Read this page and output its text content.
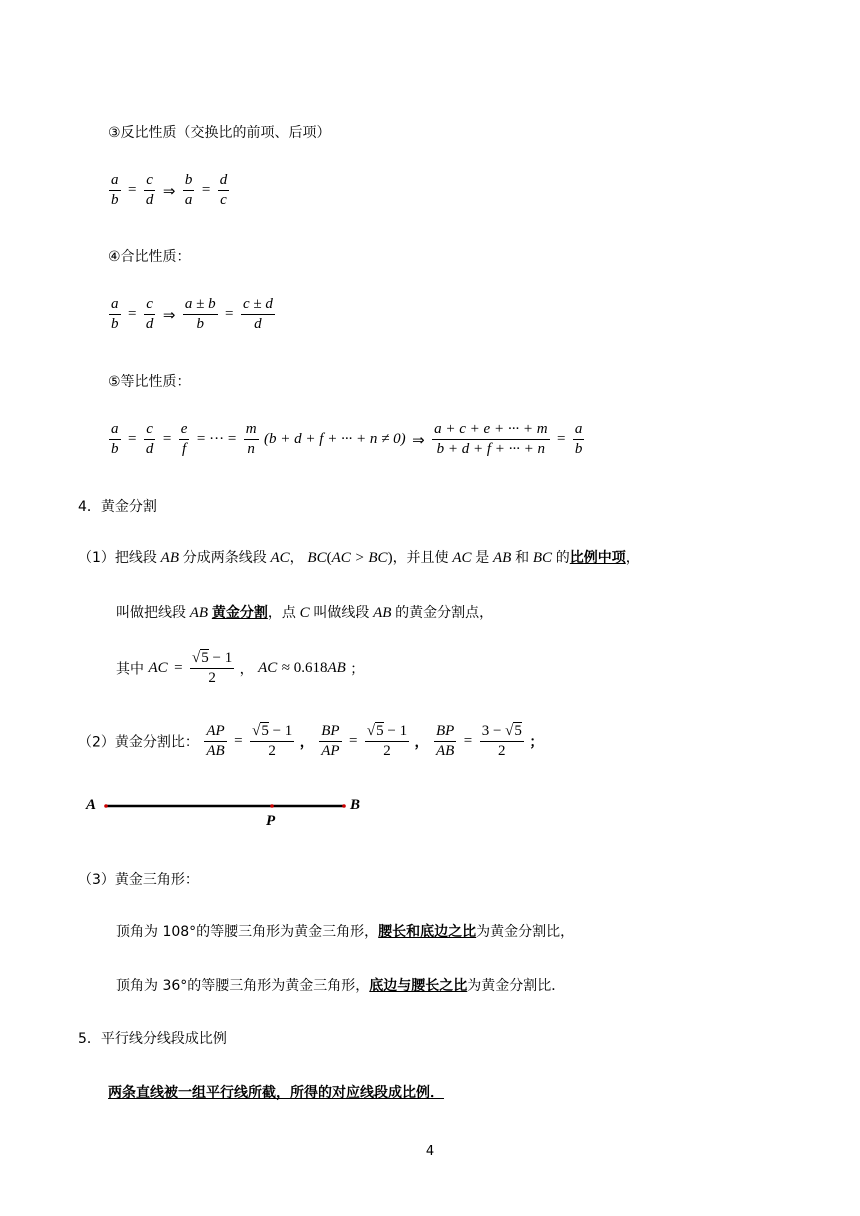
③反比性质（交换比的前项、后项）
$\frac{a}{b} = \frac{c}{d}$ ⇒ $\frac{b}{a} = \frac{d}{c}$
④合比性质：
$\frac{a}{b} = \frac{c}{d}$ ⇒ $\frac{a \pm b}{b} = \frac{c \pm d}{d}$
⑤等比性质：
$\frac{a}{b} = \frac{c}{d} = \frac{e}{f}$ = ··· = $\frac{m}{n} (b + d + f$ + ··· + n ≠ 0) ⇒ $\frac{a + c + e + \cdot\cdot\cdot + m}{b + d + f + \cdot\cdot\cdot + n} = \frac{a}{b}$
4．黄金分割
（1）把线段 AB 分成两条线段 AC， BC(AC > BC)，并且使 AC 是 AB 和 BC 的比例中项，
叫做把线段 AB 黄金分割，点 C 叫做线段 AB 的黄金分割点，
其中 AC = $\frac{√5 - 1}{2}$ ， AC ≈ 0.618AB ；
（2）黄金分割比： $\frac{AP}{AB} = \frac{√5 - 1}{2}$ ， $\frac{BP}{AP} = \frac{√5 - 1}{2}$ ， $\frac{BP}{AB} = \frac{3 - √5}{2}$ ；
A
P
B
（3）黄金三角形：
顶角为 108°的等腰三角形为黄金三角形，腰长和底边之比为黄金分割比，
顶角为 36°的等腰三角形为黄金三角形，底边与腰长之比为黄金分割比．
5．平行线分线段成比例
两条直线被一组平行线所截，所得的对应线段成比例．
4
